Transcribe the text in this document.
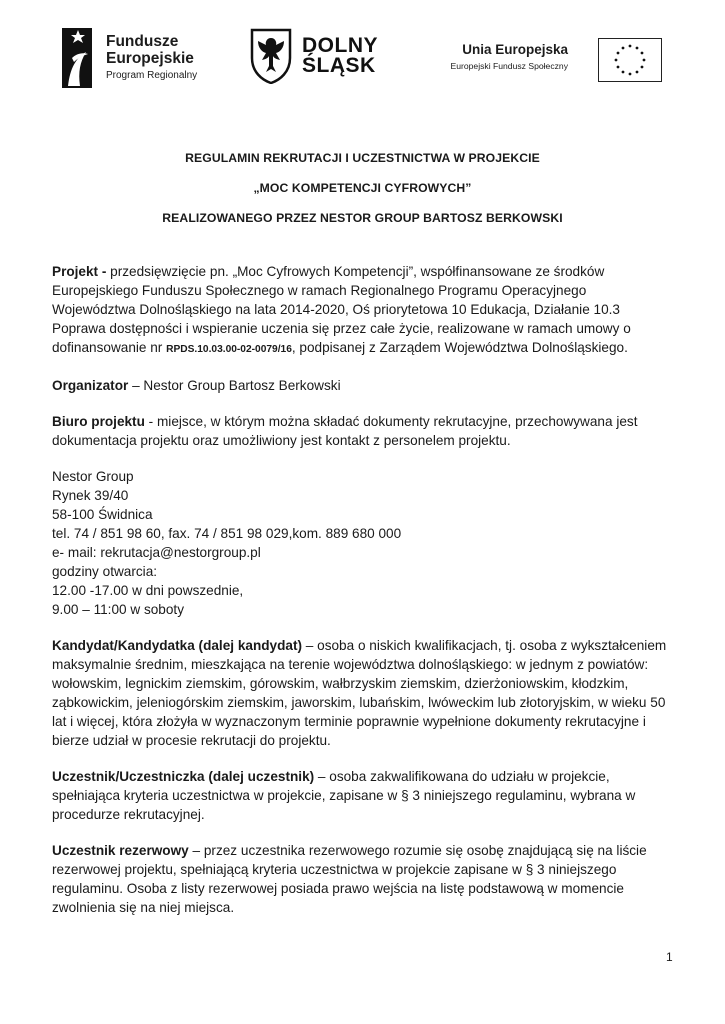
Fundusze
Europejskie
Program Regionalny
DOLNY
ŚLĄSK
Unia Europejska
Europejski Fundusz Społeczny

REGULAMIN REKRUTACJI I UCZESTNICTWA W PROJEKCIE

„MOC KOMPETENCJI CYFROWYCH”

REALIZOWANEGO PRZEZ NESTOR GROUP BARTOSZ BERKOWSKI

Projekt - przedsięwzięcie pn. „Moc Cyfrowych Kompetencji”, współfinansowane ze środków Europejskiego Funduszu Społecznego w ramach Regionalnego Programu Operacyjnego Województwa Dolnośląskiego na lata 2014-2020, Oś priorytetowa 10 Edukacja, Działanie 10.3 Poprawa dostępności i wspieranie uczenia się przez całe życie, realizowane w ramach umowy o dofinansowanie nr RPDS.10.03.00-02-0079/16, podpisanej z Zarządem Województwa Dolnośląskiego.

Organizator – Nestor Group Bartosz Berkowski

Biuro projektu - miejsce, w którym można składać dokumenty rekrutacyjne, przechowywana jest dokumentacja projektu oraz umożliwiony jest kontakt z personelem projektu.

Nestor Group
Rynek 39/40
58-100 Świdnica
tel. 74 / 851 98 60, fax. 74 / 851 98 029,kom. 889 680 000
e- mail: rekrutacja@nestorgroup.pl
godziny otwarcia:
12.00 -17.00 w dni powszednie,
9.00 – 11:00 w soboty

Kandydat/Kandydatka (dalej kandydat) – osoba o niskich kwalifikacjach, tj. osoba z wykształceniem maksymalnie średnim, mieszkająca na terenie województwa dolnośląskiego: w jednym z powiatów: wołowskim, legnickim ziemskim, górowskim, wałbrzyskim ziemskim, dzierżoniowskim, kłodzkim, ząbkowickim, jeleniogórskim ziemskim, jaworskim, lubańskim, lwóweckim lub złotoryjskim, w wieku 50 lat i więcej, która złożyła w wyznaczonym terminie poprawnie wypełnione dokumenty rekrutacyjne i bierze udział w procesie rekrutacji do projektu.

Uczestnik/Uczestniczka (dalej uczestnik) – osoba zakwalifikowana do udziału w projekcie, spełniająca kryteria uczestnictwa w projekcie, zapisane w § 3 niniejszego regulaminu, wybrana w procedurze rekrutacyjnej.

Uczestnik rezerwowy – przez uczestnika rezerwowego rozumie się osobę znajdującą się na liście rezerwowej projektu, spełniającą kryteria uczestnictwa w projekcie zapisane w § 3 niniejszego regulaminu. Osoba z listy rezerwowej posiada prawo wejścia na listę podstawową w momencie zwolnienia się na niej miejsca.

1
